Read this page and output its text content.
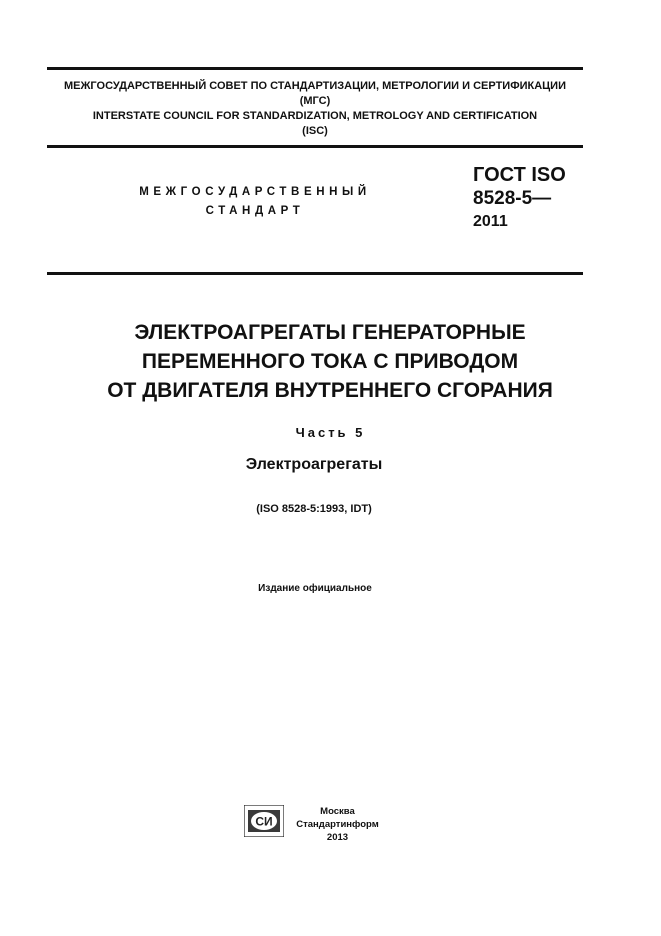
МЕЖГОСУДАРСТВЕННЫЙ СОВЕТ ПО СТАНДАРТИЗАЦИИ, МЕТРОЛОГИИ И СЕРТИФИКАЦИИ
(МГС)
INTERSTATE COUNCIL FOR STANDARDIZATION, METROLOGY AND CERTIFICATION
(ISC)
МЕЖГОСУДАРСТВЕННЫЙ
СТАНДАРТ
ГОСТ ISO
8528-5—
2011
ЭЛЕКТРОАГРЕГАТЫ ГЕНЕРАТОРНЫЕ
ПЕРЕМЕННОГО ТОКА С ПРИВОДОМ
ОТ ДВИГАТЕЛЯ ВНУТРЕННЕГО СГОРАНИЯ
Часть 5
Электроагрегаты
(ISO 8528-5:1993, IDT)
Издание официальное
СИ
Москва
Стандартинформ
2013
